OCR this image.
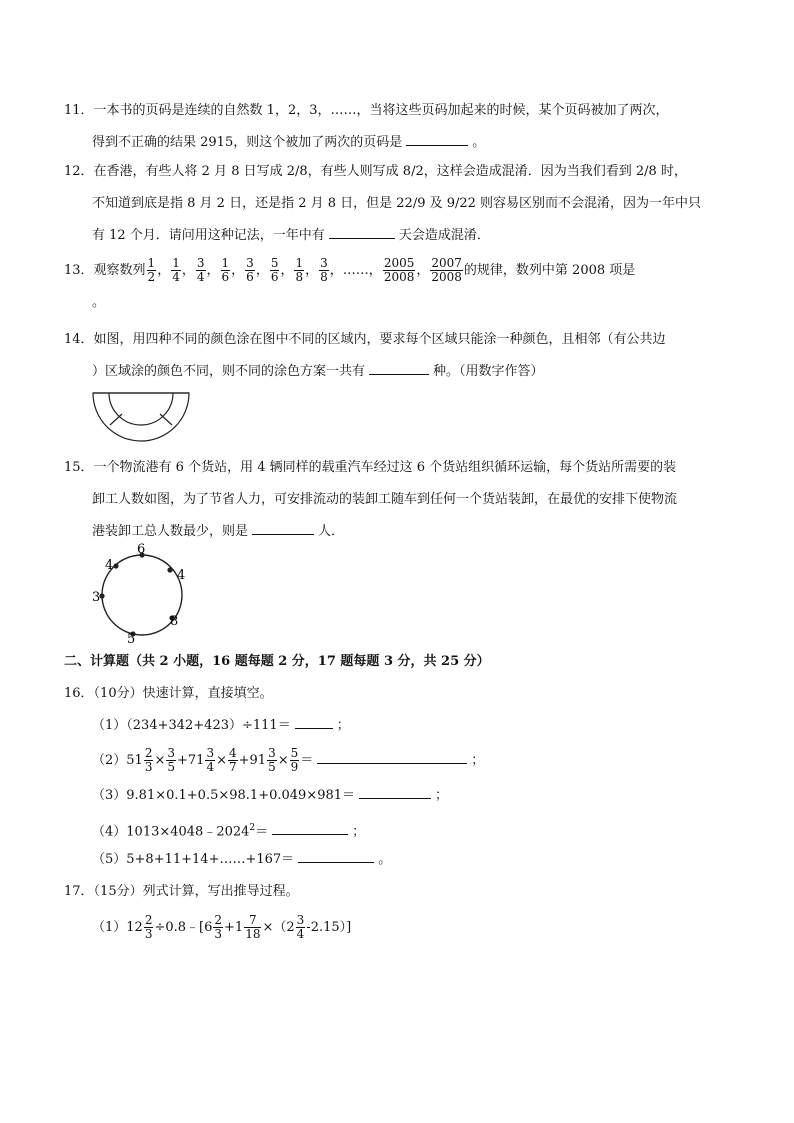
11．一本书的页码是连续的自然数 1，2，3，……，当将这些页码加起来的时候，某个页码被加了两次，
得到不正确的结果 2915，则这个被加了两次的页码是	。
12．在香港，有些人将 2 月 8 日写成 2/8，有些人则写成 8/2，这样会造成混淆．因为当我们看到 2/8 时，
不知道到底是指 8 月 2 日，还是指 2 月 8 日，但是 22/9 及 9/22 则容易区别而不会混淆，因为一年中只
有 12 个月．请问用这种记法，一年中有	天会造成混淆．
13．观察数列 $\frac{1}{2}$ ， $\frac{1}{4}$ ， $\frac{3}{4}$ ， $\frac{1}{6}$ ， $\frac{3}{6}$ ， $\frac{5}{6}$ ， $\frac{1}{8}$ ， $\frac{3}{8}$ ，……， $\frac{2005}{2008}$ ， $\frac{2007}{2008}$ 的规律，数列中第 2008 项是
。
14．如图，用四种不同的颜色涂在图中不同的区域内，要求每个区域只能涂一种颜色，且相邻（有公共边
）区域涂的颜色不同，则不同的涂色方案一共有	种。（用数字作答）
15．一个物流港有 6 个货站，用 4 辆同样的载重汽车经过这 6 个货站组织循环运输，每个货站所需要的装
卸工人数如图，为了节省人力，可安排流动的装卸工随车到任何一个货站装卸，在最优的安排下使物流
港装卸工总人数最少，则是	人．
6
4
8
5
3
4
二、计算题（共 2 小题，16 题每题 2 分，17 题每题 3 分，共 25 分）
16．（10分）快速计算，直接填空。
（1）（234+342+423）÷111＝	；
$(2)51 \frac{2}{3} \times \frac{3}{5} +71 \frac{3}{4} \times \frac{4}{7} +91 \frac{3}{5} \times \frac{5}{9}$ ＝	；
（3）9.81×0.1+0.5×98.1+0.049×981＝	；
$(4)1013\times 4048﹣2024^2=$	；
（5）5+8+11+14+……+167＝	。
17．（15分）列式计算，写出推导过程。
$(1)12 \frac{2}{3}$ ÷0.8﹣[6 $\frac{2}{3} +1 \frac{7}{18} \times(2 \frac{3}{4} -2.15)$]
